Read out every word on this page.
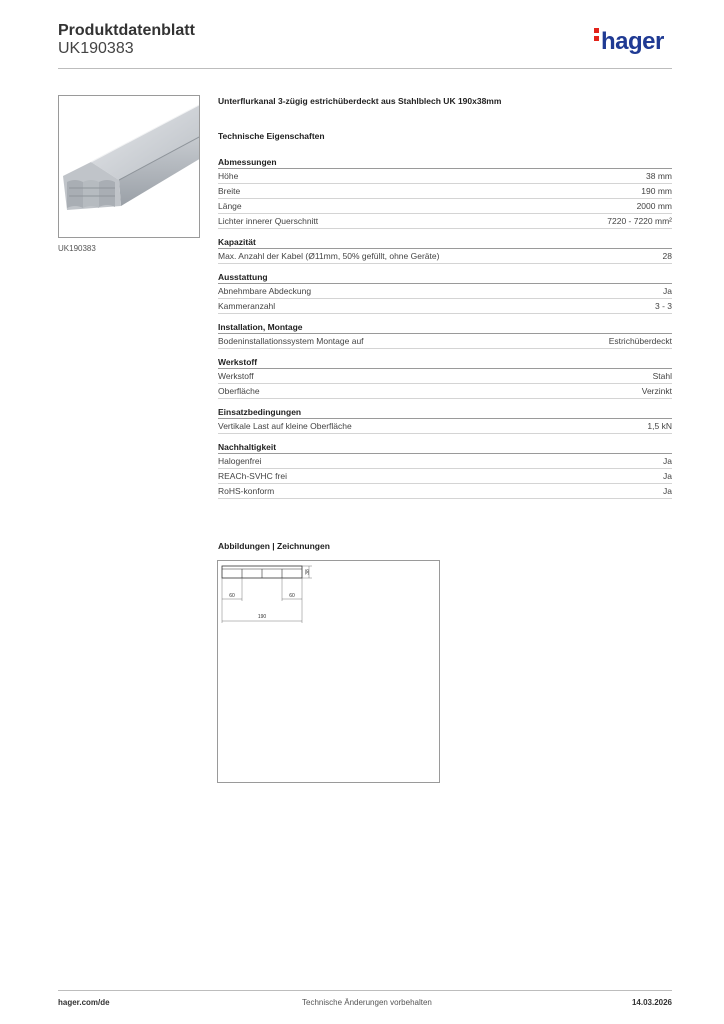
Produktdatenblatt
UK190383	hager
UK190383
Unterflurkanal 3-zügig estrichüberdeckt aus Stahlblech UK 190x38mm
Technische Eigenschaften
Abmessungen
Höhe	38 mm
Breite	190 mm
Länge	2000 mm
Lichter innerer Querschnitt	7220 - 7220 mm²
Kapazität
Max. Anzahl der Kabel (Ø11mm, 50% gefüllt, ohne Geräte)	28
Ausstattung
Abnehmbare Abdeckung	Ja
Kammeranzahl	3 - 3
Installation, Montage
Bodeninstallationssystem Montage auf	Estrichüberdeckt
Werkstoff
Werkstoff	Stahl
Oberfläche	Verzinkt
Einsatzbedingungen
Vertikale Last auf kleine Oberfläche	1,5 kN
Nachhaltigkeit
Halogenfrei	Ja
REACh-SVHC frei	Ja
RoHS-konform	Ja
Abbildungen | Zeichnungen
38
60	60
190
hager.com/de	Technische Änderungen vorbehalten	14.03.2026
